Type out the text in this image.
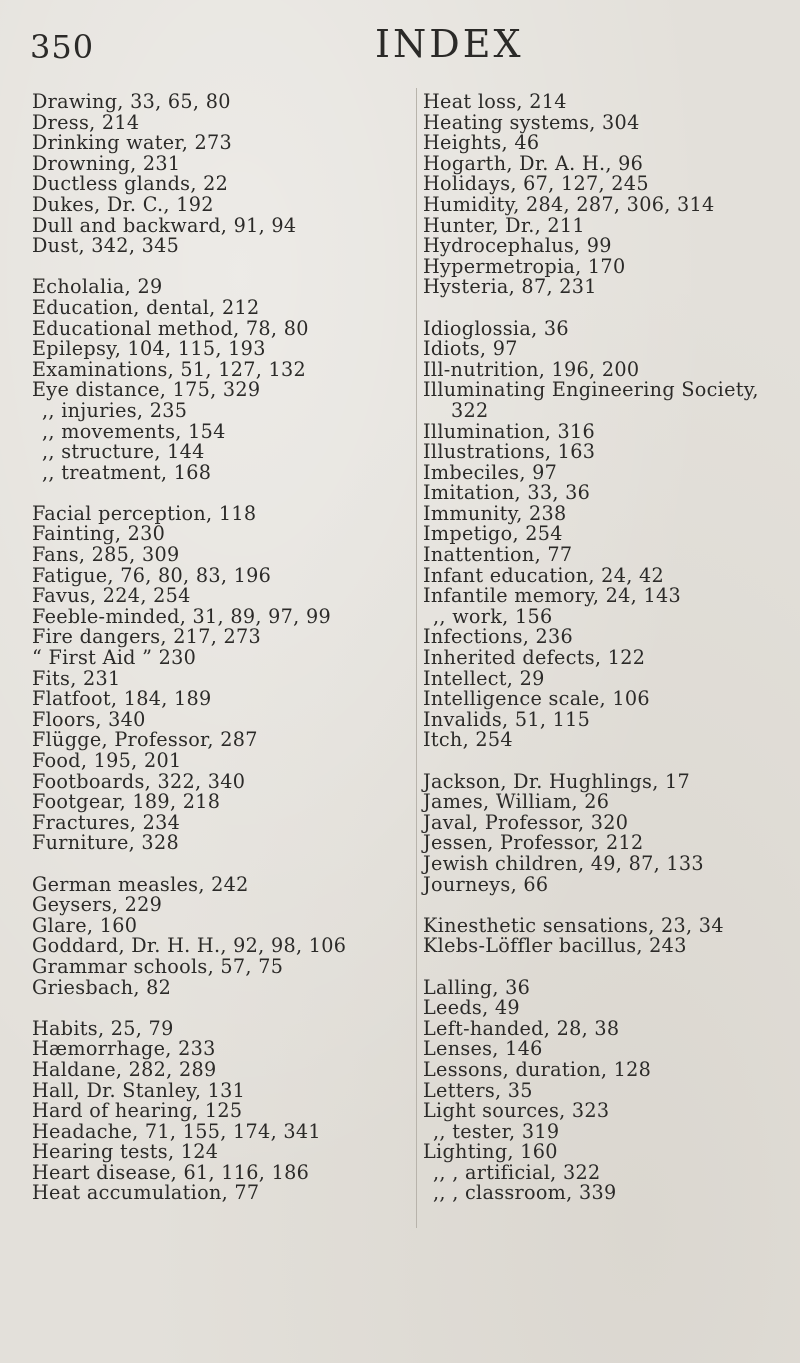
350	INDEX
Drawing, 33, 65, 80
Dress, 214
Drinking water, 273
Drowning, 231
Ductless glands, 22
Dukes, Dr. C., 192
Dull and backward, 91, 94
Dust, 342, 345
Echolalia, 29
Education, dental, 212
Educational method, 78, 80
Epilepsy, 104, 115, 193
Examinations, 51, 127, 132
Eye distance, 175, 329
,, injuries, 235
,, movements, 154
,, structure, 144
,, treatment, 168
Facial perception, 118
Fainting, 230
Fans, 285, 309
Fatigue, 76, 80, 83, 196
Favus, 224, 254
Feeble-minded, 31, 89, 97, 99
Fire dangers, 217, 273
“ First Aid ” 230
Fits, 231
Flatfoot, 184, 189
Floors, 340
Flügge, Professor, 287
Food, 195, 201
Footboards, 322, 340
Footgear, 189, 218
Fractures, 234
Furniture, 328
German measles, 242
Geysers, 229
Glare, 160
Goddard, Dr. H. H., 92, 98, 106
Grammar schools, 57, 75
Griesbach, 82
Habits, 25, 79
Hæmorrhage, 233
Haldane, 282, 289
Hall, Dr. Stanley, 131
Hard of hearing, 125
Headache, 71, 155, 174, 341
Hearing tests, 124
Heart disease, 61, 116, 186
Heat accumulation, 77
Heat loss, 214
Heating systems, 304
Heights, 46
Hogarth, Dr. A. H., 96
Holidays, 67, 127, 245
Humidity, 284, 287, 306, 314
Hunter, Dr., 211
Hydrocephalus, 99
Hypermetropia, 170
Hysteria, 87, 231
Idioglossia, 36
Idiots, 97
Ill-nutrition, 196, 200
Illuminating Engineering Society,
322
Illumination, 316
Illustrations, 163
Imbeciles, 97
Imitation, 33, 36
Immunity, 238
Impetigo, 254
Inattention, 77
Infant education, 24, 42
Infantile memory, 24, 143
,, work, 156
Infections, 236
Inherited defects, 122
Intellect, 29
Intelligence scale, 106
Invalids, 51, 115
Itch, 254
Jackson, Dr. Hughlings, 17
James, William, 26
Javal, Professor, 320
Jessen, Professor, 212
Jewish children, 49, 87, 133
Journeys, 66
Kinesthetic sensations, 23, 34
Klebs-Löffler bacillus, 243
Lalling, 36
Leeds, 49
Left-handed, 28, 38
Lenses, 146
Lessons, duration, 128
Letters, 35
Light sources, 323
,, tester, 319
Lighting, 160
,, , artificial, 322
,, , classroom, 339
